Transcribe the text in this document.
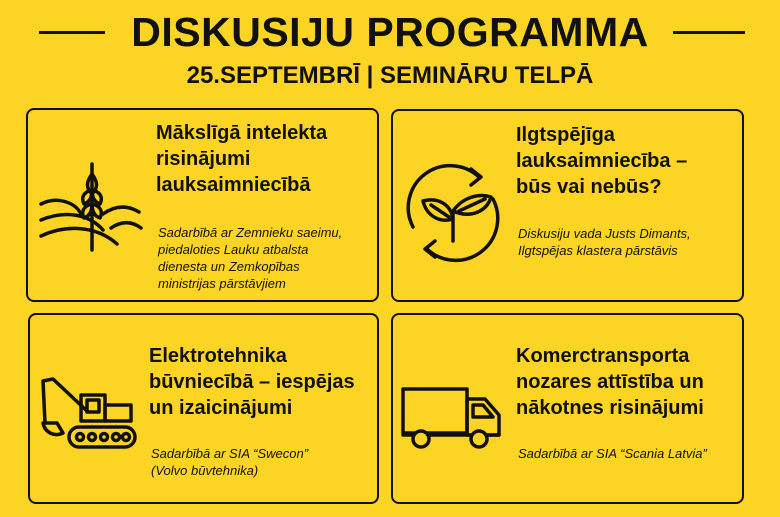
DISKUSIJU PROGRAMMA
25.SEPTEMBRĪ | SEMINĀRU TELPĀ
Mākslīgā intelekta
risinājumi
lauksaimniecībā

Sadarbībā ar Zemnieku saeimu,
piedaloties Lauku atbalsta
dienesta un Zemkopības
ministrijas pārstāvjiem

Ilgtspējīga
lauksaimniecība –
būs vai nebūs?

Diskusiju vada Justs Dimants,
Ilgtspējas klastera pārstāvis

Elektrotehnika
būvniecībā – iespējas
un izaicinājumi

Sadarbībā ar SIA “Swecon”
(Volvo būvtehnika)

Komerctransporta
nozares attīstība un
nākotnes risinājumi

Sadarbībā ar SIA “Scania Latvia”
